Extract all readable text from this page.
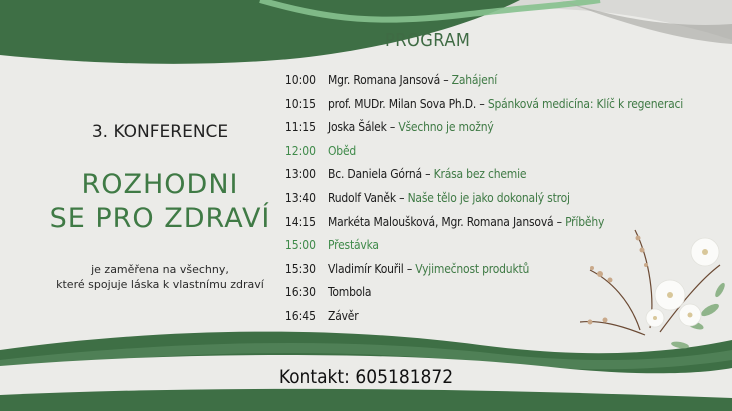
PROGRAM
3. KONFERENCE
ROZHODNI
SE PRO ZDRAVÍ
je zaměřena na všechny,
které spojuje láska k vlastnímu zdraví
10:00 Mgr. Romana Jansová – Zahájení
10:15 prof. MUDr. Milan Sova Ph.D. – Spánková medicína: Klíč k regeneraci
11:15 Joska Šálek – Všechno je možný
12:00 Oběd
13:00 Bc. Daniela Górná – Krása bez chemie
13:40 Rudolf Vaněk – Naše tělo je jako dokonalý stroj
14:15 Markéta Maloušková, Mgr. Romana Jansová – Příběhy
15:00 Přestávka
15:30 Vladimír Kouřil – Vyjimečnost produktů
16:30 Tombola
16:45 Závěr
Kontakt: 605181872
